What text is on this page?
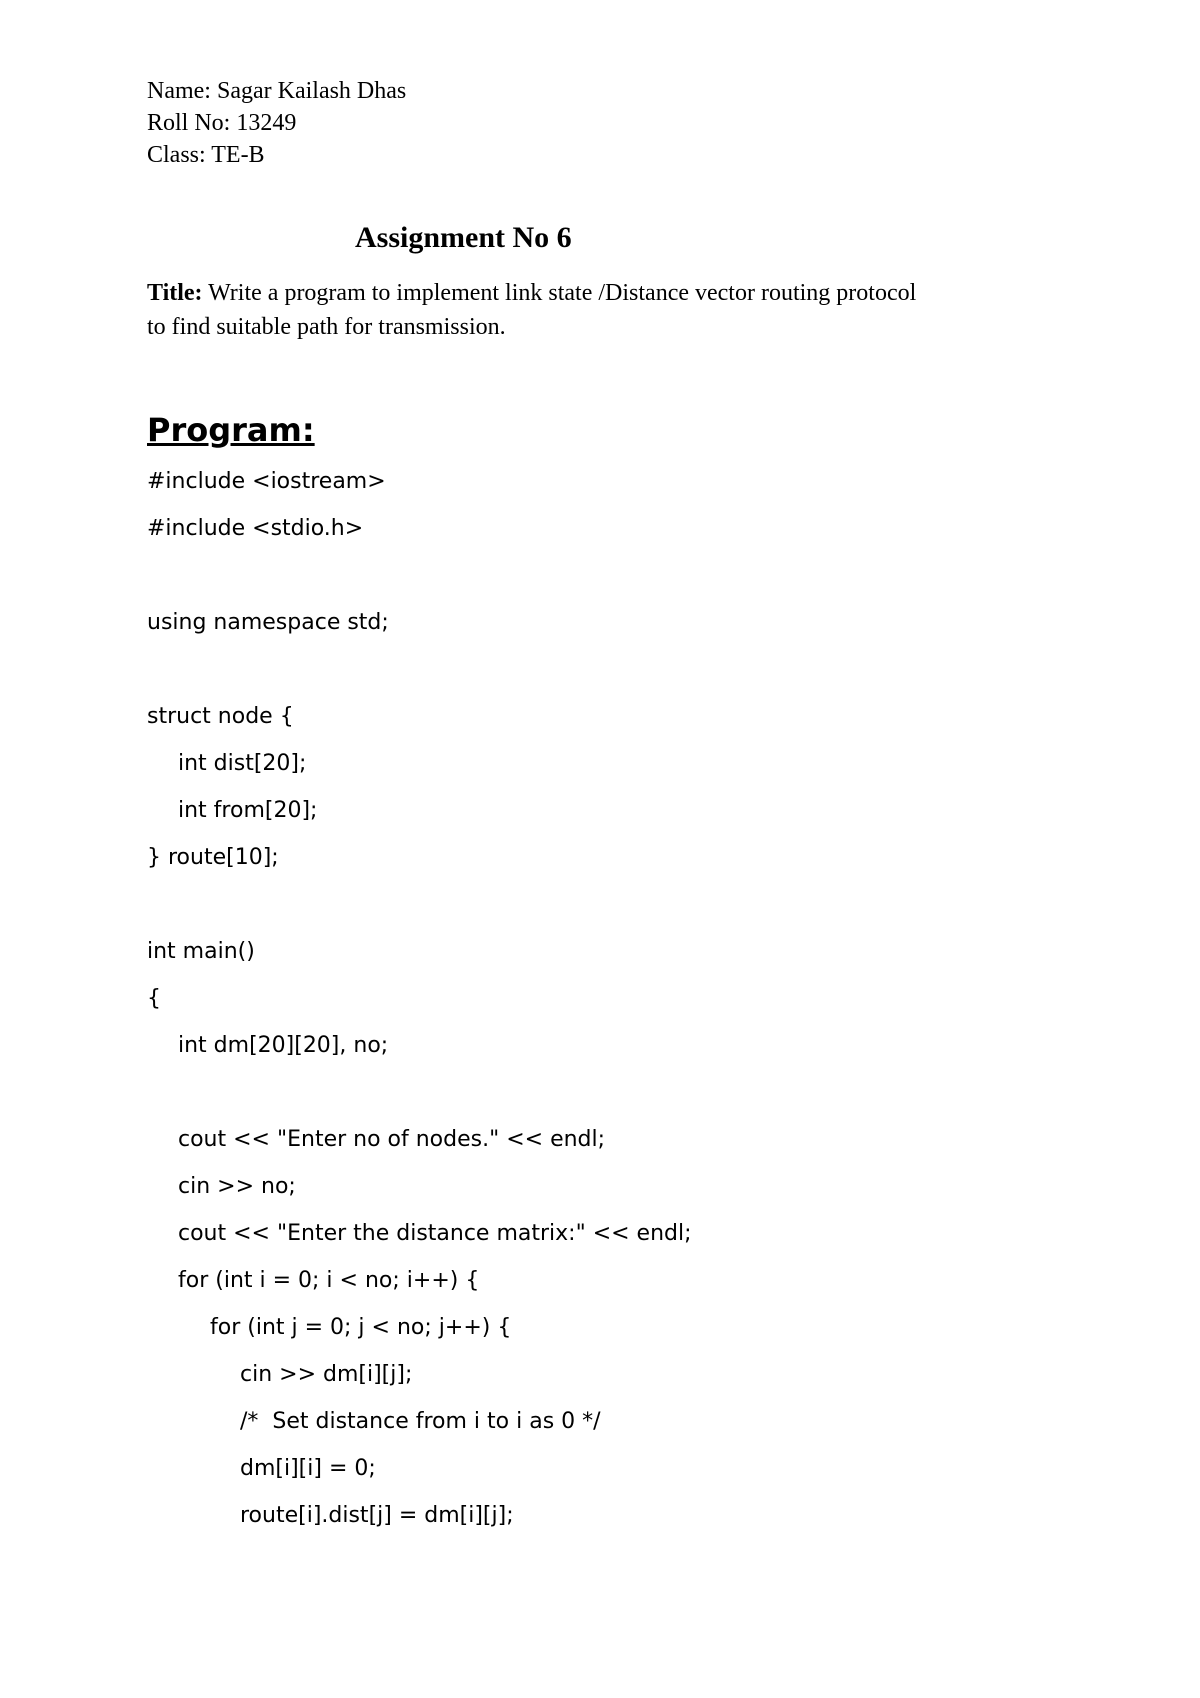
Name: Sagar Kailash Dhas
Roll No: 13249
Class: TE-B
Assignment No 6
Title: Write a program to implement link state /Distance vector routing protocol
to find suitable path for transmission.
Program:
#include <iostream>
#include <stdio.h>
using namespace std;
struct node {
int dist[20];
int from[20];
} route[10];
int main()
{
int dm[20][20], no;
cout << "Enter no of nodes." << endl;
cin >> no;
cout << "Enter the distance matrix:" << endl;
for (int i = 0; i < no; i++) {
for (int j = 0; j < no; j++) {
cin >> dm[i][j];
/*  Set distance from i to i as 0 */
dm[i][i] = 0;
route[i].dist[j] = dm[i][j];
